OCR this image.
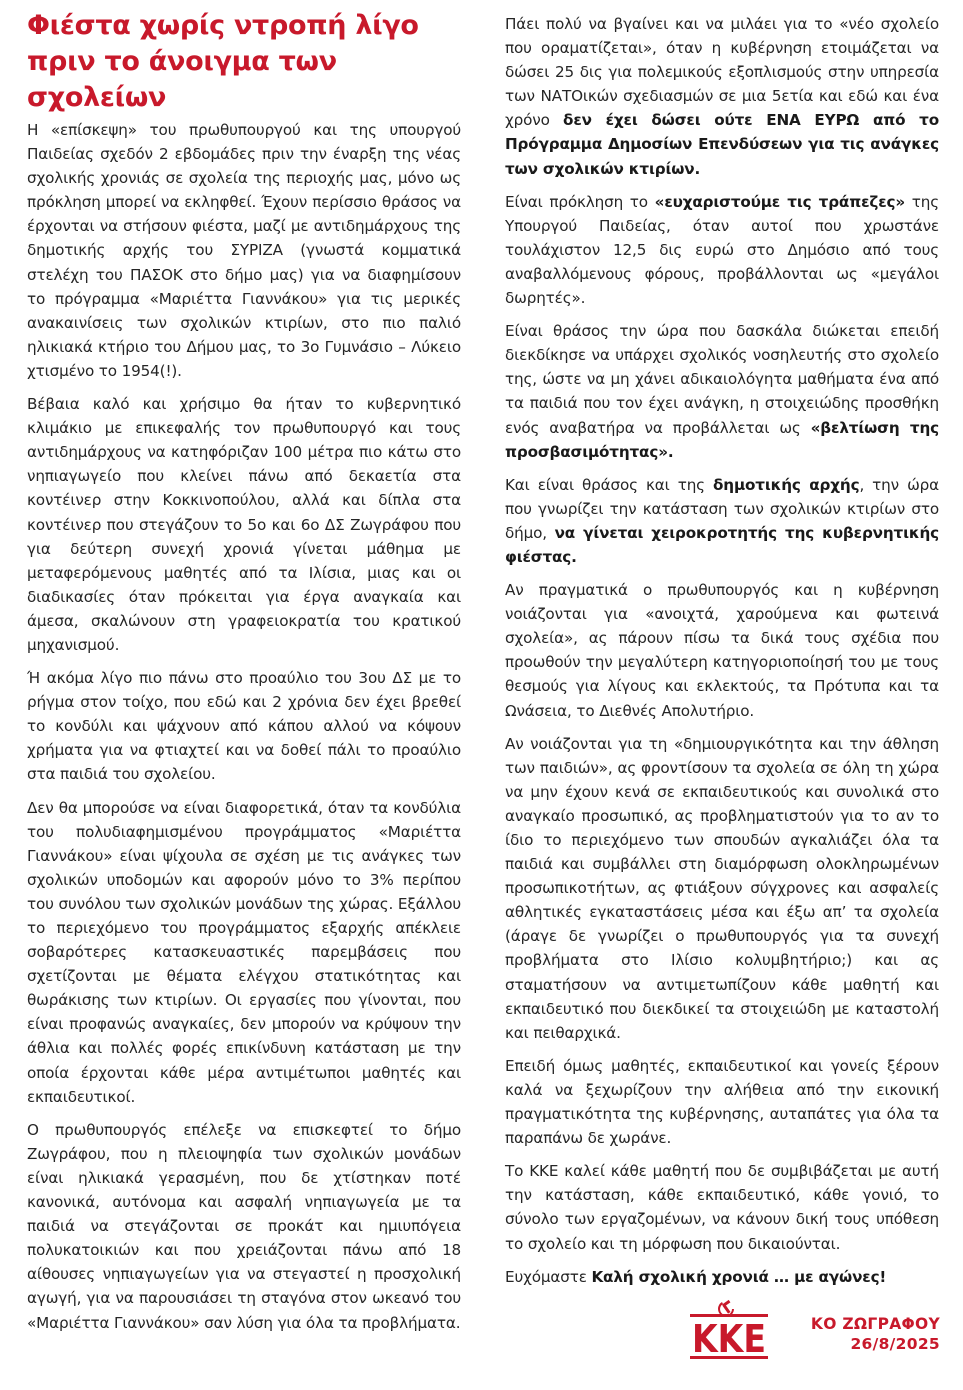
Φιέστα χωρίς ντροπή λίγο πριν το άνοιγμα των σχολείων

Η «επίσκεψη» του πρωθυπουργού και της υπουργού Παιδείας σχεδόν 2 εβδομάδες πριν την έναρξη της νέας σχολικής χρονιάς σε σχολεία της περιοχής μας, μόνο ως πρόκληση μπορεί να εκληφθεί. Έχουν περίσσιο θράσος να έρχονται να στήσουν φιέστα, μαζί με αντιδημάρχους της δημοτικής αρχής του ΣΥΡΙΖΑ (γνωστά κομματικά στελέχη του ΠΑΣΟΚ στο δήμο μας) για να διαφημίσουν το πρόγραμμα «Μαριέττα Γιαννάκου» για τις μερικές ανακαινίσεις των σχολικών κτιρίων, στο πιο παλιό ηλικιακά κτήριο του Δήμου μας, το 3ο Γυμνάσιο – Λύκειο χτισμένο το 1954(!).

Βέβαια καλό και χρήσιμο θα ήταν το κυβερνητικό κλιμάκιο με επικεφαλής τον πρωθυπουργό και τους αντιδημάρχους να κατηφόριζαν 100 μέτρα πιο κάτω στο νηπιαγωγείο που κλείνει πάνω από δεκαετία στα κοντέινερ στην Κοκκινοπούλου, αλλά και δίπλα στα κοντέινερ που στεγάζουν το 5ο και 6ο ΔΣ Ζωγράφου που για δεύτερη συνεχή χρονιά γίνεται μάθημα με μεταφερόμενους μαθητές από τα Ιλίσια, μιας και οι διαδικασίες όταν πρόκειται για έργα αναγκαία και άμεσα, σκαλώνουν στη γραφειοκρατία του κρατικού μηχανισμού.

Ή ακόμα λίγο πιο πάνω στο προαύλιο του 3ου ΔΣ με το ρήγμα στον τοίχο, που εδώ και 2 χρόνια δεν έχει βρεθεί το κονδύλι και ψάχνουν από κάπου αλλού να κόψουν χρήματα για να φτιαχτεί και να δοθεί πάλι το προαύλιο στα παιδιά του σχολείου.

Δεν θα μπορούσε να είναι διαφορετικά, όταν τα κονδύλια του πολυδιαφημισμένου προγράμματος «Μαριέττα Γιαννάκου» είναι ψίχουλα σε σχέση με τις ανάγκες των σχολικών υποδομών και αφορούν μόνο το 3% περίπου του συνόλου των σχολικών μονάδων της χώρας. Εξάλλου το περιεχόμενο του προγράμματος εξαρχής απέκλειε σοβαρότερες κατασκευαστικές παρεμβάσεις που σχετίζονται με θέματα ελέγχου στατικότητας και θωράκισης των κτιρίων. Οι εργασίες που γίνονται, που είναι προφανώς αναγκαίες, δεν μπορούν να κρύψουν την άθλια και πολλές φορές επικίνδυνη κατάσταση με την οποία έρχονται κάθε μέρα αντιμέτωποι μαθητές και εκπαιδευτικοί.

Ο πρωθυπουργός επέλεξε να επισκεφτεί το δήμο Ζωγράφου, που η πλειοψηφία των σχολικών μονάδων είναι ηλικιακά γερασμένη, που δε χτίστηκαν ποτέ κανονικά, αυτόνομα και ασφαλή νηπιαγωγεία με τα παιδιά να στεγάζονται σε προκάτ και ημιυπόγεια πολυκατοικιών και που χρειάζονται πάνω από 18 αίθουσες νηπιαγωγείων για να στεγαστεί η προσχολική αγωγή, για να παρουσιάσει τη σταγόνα στον ωκεανό του «Μαριέττα Γιαννάκου» σαν λύση για όλα τα προβλήματα.

Πάει πολύ να βγαίνει και να μιλάει για το «νέο σχολείο που οραματίζεται», όταν η κυβέρνηση ετοιμάζεται να δώσει 25 δις για πολεμικούς εξοπλισμούς στην υπηρεσία των ΝΑΤΟικών σχεδιασμών σε μια 5ετία και εδώ και ένα χρόνο δεν έχει δώσει ούτε ΕΝΑ ΕΥΡΩ από το Πρόγραμμα Δημοσίων Επενδύσεων για τις ανάγκες των σχολικών κτιρίων.

Είναι πρόκληση το «ευχαριστούμε τις τράπεζες» της Υπουργού Παιδείας, όταν αυτοί που χρωστάνε τουλάχιστον 12,5 δις ευρώ στο Δημόσιο από τους αναβαλλόμενους φόρους, προβάλλονται ως «μεγάλοι δωρητές».

Είναι θράσος την ώρα που δασκάλα διώκεται επειδή διεκδίκησε να υπάρχει σχολικός νοσηλευτής στο σχολείο της, ώστε να μη χάνει αδικαιολόγητα μαθήματα ένα από τα παιδιά που τον έχει ανάγκη, η στοιχειώδης προσθήκη ενός αναβατήρα να προβάλλεται ως «βελτίωση της προσβασιμότητας».

Και είναι θράσος και της δημοτικής αρχής, την ώρα που γνωρίζει την κατάσταση των σχολικών κτιρίων στο δήμο, να γίνεται χειροκροτητής της κυβερνητικής φιέστας.

Αν πραγματικά ο πρωθυπουργός και η κυβέρνηση νοιάζονται για «ανοιχτά, χαρούμενα και φωτεινά σχολεία», ας πάρουν πίσω τα δικά τους σχέδια που προωθούν την μεγαλύτερη κατηγοριοποίησή του με τους θεσμούς για λίγους και εκλεκτούς, τα Πρότυπα και τα Ωνάσεια, το Διεθνές Απολυτήριο.

Αν νοιάζονται για τη «δημιουργικότητα και την άθληση των παιδιών», ας φροντίσουν τα σχολεία σε όλη τη χώρα να μην έχουν κενά σε εκπαιδευτικούς και συνολικά στο αναγκαίο προσωπικό, ας προβληματιστούν για το αν το ίδιο το περιεχόμενο των σπουδών αγκαλιάζει όλα τα παιδιά και συμβάλλει στη διαμόρφωση ολοκληρωμένων προσωπικοτήτων, ας φτιάξουν σύγχρονες και ασφαλείς αθλητικές εγκαταστάσεις μέσα και έξω απ’ τα σχολεία (άραγε δε γνωρίζει ο πρωθυπουργός για τα συνεχή προβλήματα στο Ιλίσιο κολυμβητήριο;) και ας σταματήσουν να αντιμετωπίζουν κάθε μαθητή και εκπαιδευτικό που διεκδικεί τα στοιχειώδη με καταστολή και πειθαρχικά.

Επειδή όμως μαθητές, εκπαιδευτικοί και γονείς ξέρουν καλά να ξεχωρίζουν την αλήθεια από την εικονική πραγματικότητα της κυβέρνησης, αυταπάτες για όλα τα παραπάνω δε χωράνε.

Το ΚΚΕ καλεί κάθε μαθητή που δε συμβιβάζεται με αυτή την κατάσταση, κάθε εκπαιδευτικό, κάθε γονιό, το σύνολο των εργαζομένων, να κάνουν δική τους υπόθεση το σχολείο και τη μόρφωση που δικαιούνται.

Ευχόμαστε Καλή σχολική χρονιά … με αγώνες!

ΚΚΕ	ΚΟ ΖΩΓΡΑΦΟΥ
26/8/2025
